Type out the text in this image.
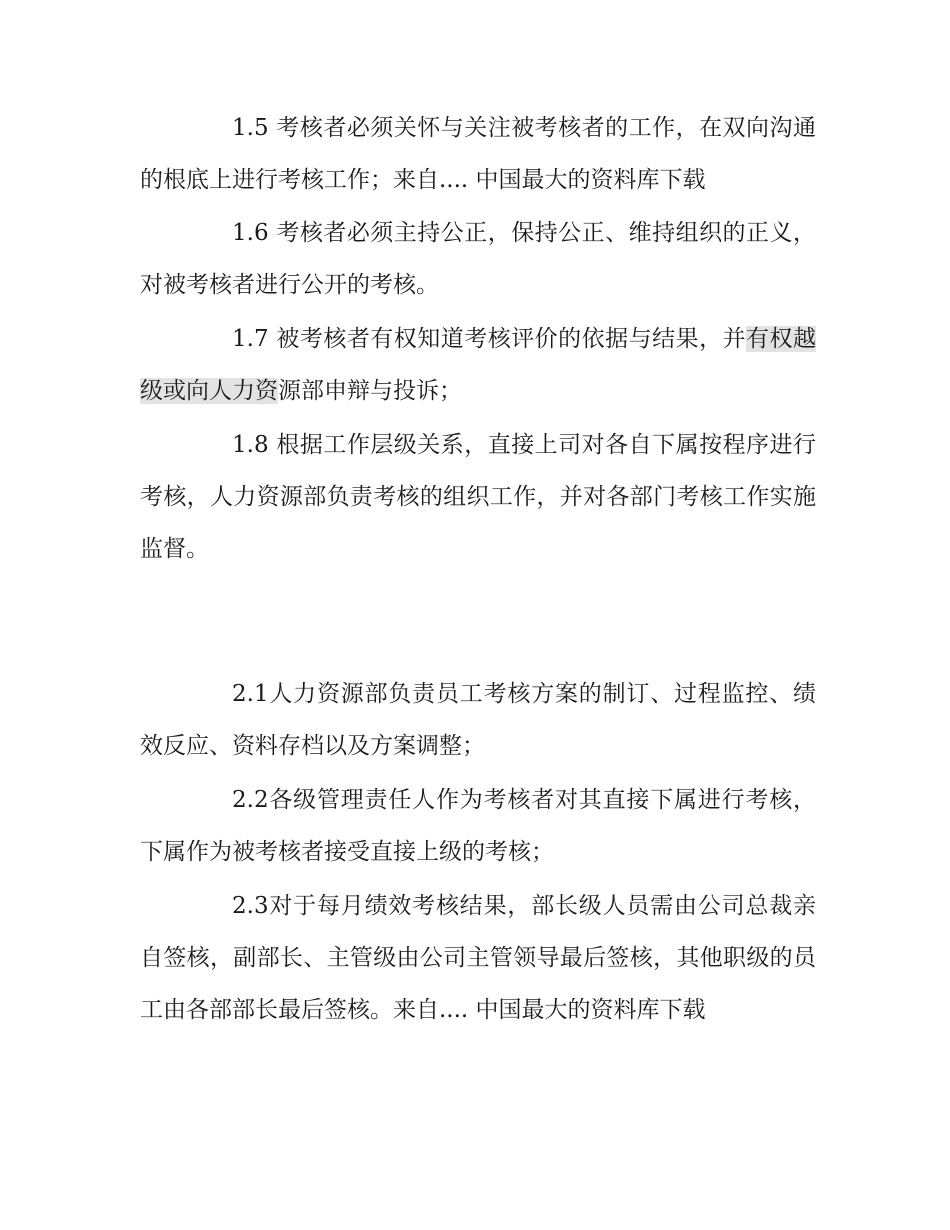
1.5 考核者必须关怀与关注被考核者的工作，在双向沟通的根底上进行考核工作；来自.... 中国最大的资料库下载

1.6 考核者必须主持公正，保持公正、维持组织的正义，对被考核者进行公开的考核。

1.7 被考核者有权知道考核评价的依据与结果，并有权越级或向人力资源部申辩与投诉；

1.8 根据工作层级关系，直接上司对各自下属按程序进行考核，人力资源部负责考核的组织工作，并对各部门考核工作实施监督。

2.1人力资源部负责员工考核方案的制订、过程监控、绩效反应、资料存档以及方案调整；

2.2各级管理责任人作为考核者对其直接下属进行考核，下属作为被考核者接受直接上级的考核；

2.3对于每月绩效考核结果，部长级人员需由公司总裁亲自签核，副部长、主管级由公司主管领导最后签核，其他职级的员工由各部部长最后签核。来自.... 中国最大的资料库下载
